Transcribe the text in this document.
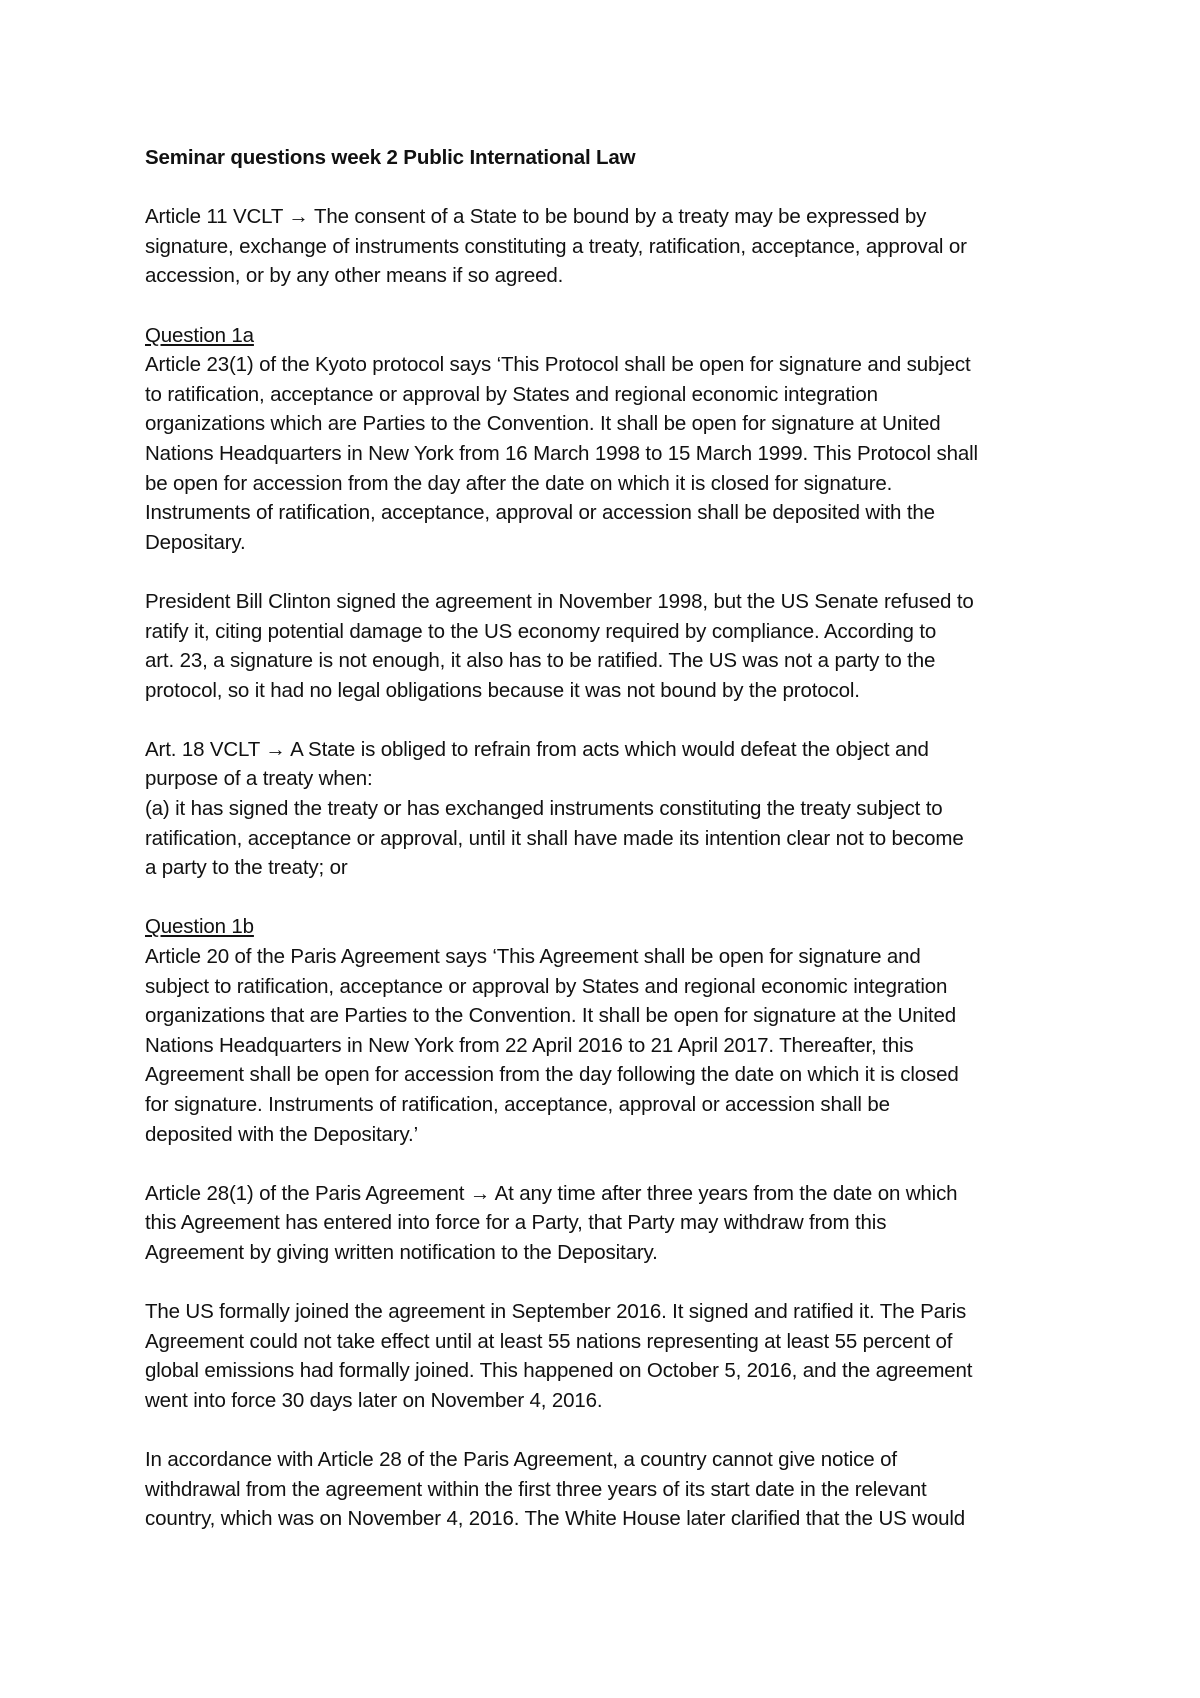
Seminar questions week 2 Public International Law
Article 11 VCLT → The consent of a State to be bound by a treaty may be expressed by
signature, exchange of instruments constituting a treaty, ratification, acceptance, approval or
accession, or by any other means if so agreed.
Question 1a
Article 23(1) of the Kyoto protocol says ‘This Protocol shall be open for signature and subject
to ratification, acceptance or approval by States and regional economic integration
organizations which are Parties to the Convention. It shall be open for signature at United
Nations Headquarters in New York from 16 March 1998 to 15 March 1999. This Protocol shall
be open for accession from the day after the date on which it is closed for signature.
Instruments of ratification, acceptance, approval or accession shall be deposited with the
Depositary.
President Bill Clinton signed the agreement in November 1998, but the US Senate refused to
ratify it, citing potential damage to the US economy required by compliance. According to
art. 23, a signature is not enough, it also has to be ratified. The US was not a party to the
protocol, so it had no legal obligations because it was not bound by the protocol.
Art. 18 VCLT → A State is obliged to refrain from acts which would defeat the object and
purpose of a treaty when:
(a) it has signed the treaty or has exchanged instruments constituting the treaty subject to
ratification, acceptance or approval, until it shall have made its intention clear not to become
a party to the treaty; or
Question 1b
Article 20 of the Paris Agreement says ‘This Agreement shall be open for signature and
subject to ratification, acceptance or approval by States and regional economic integration
organizations that are Parties to the Convention. It shall be open for signature at the United
Nations Headquarters in New York from 22 April 2016 to 21 April 2017. Thereafter, this
Agreement shall be open for accession from the day following the date on which it is closed
for signature. Instruments of ratification, acceptance, approval or accession shall be
deposited with the Depositary.’
Article 28(1) of the Paris Agreement → At any time after three years from the date on which
this Agreement has entered into force for a Party, that Party may withdraw from this
Agreement by giving written notification to the Depositary.
The US formally joined the agreement in September 2016. It signed and ratified it. The Paris
Agreement could not take effect until at least 55 nations representing at least 55 percent of
global emissions had formally joined. This happened on October 5, 2016, and the agreement
went into force 30 days later on November 4, 2016.
In accordance with Article 28 of the Paris Agreement, a country cannot give notice of
withdrawal from the agreement within the first three years of its start date in the relevant
country, which was on November 4, 2016. The White House later clarified that the US would
